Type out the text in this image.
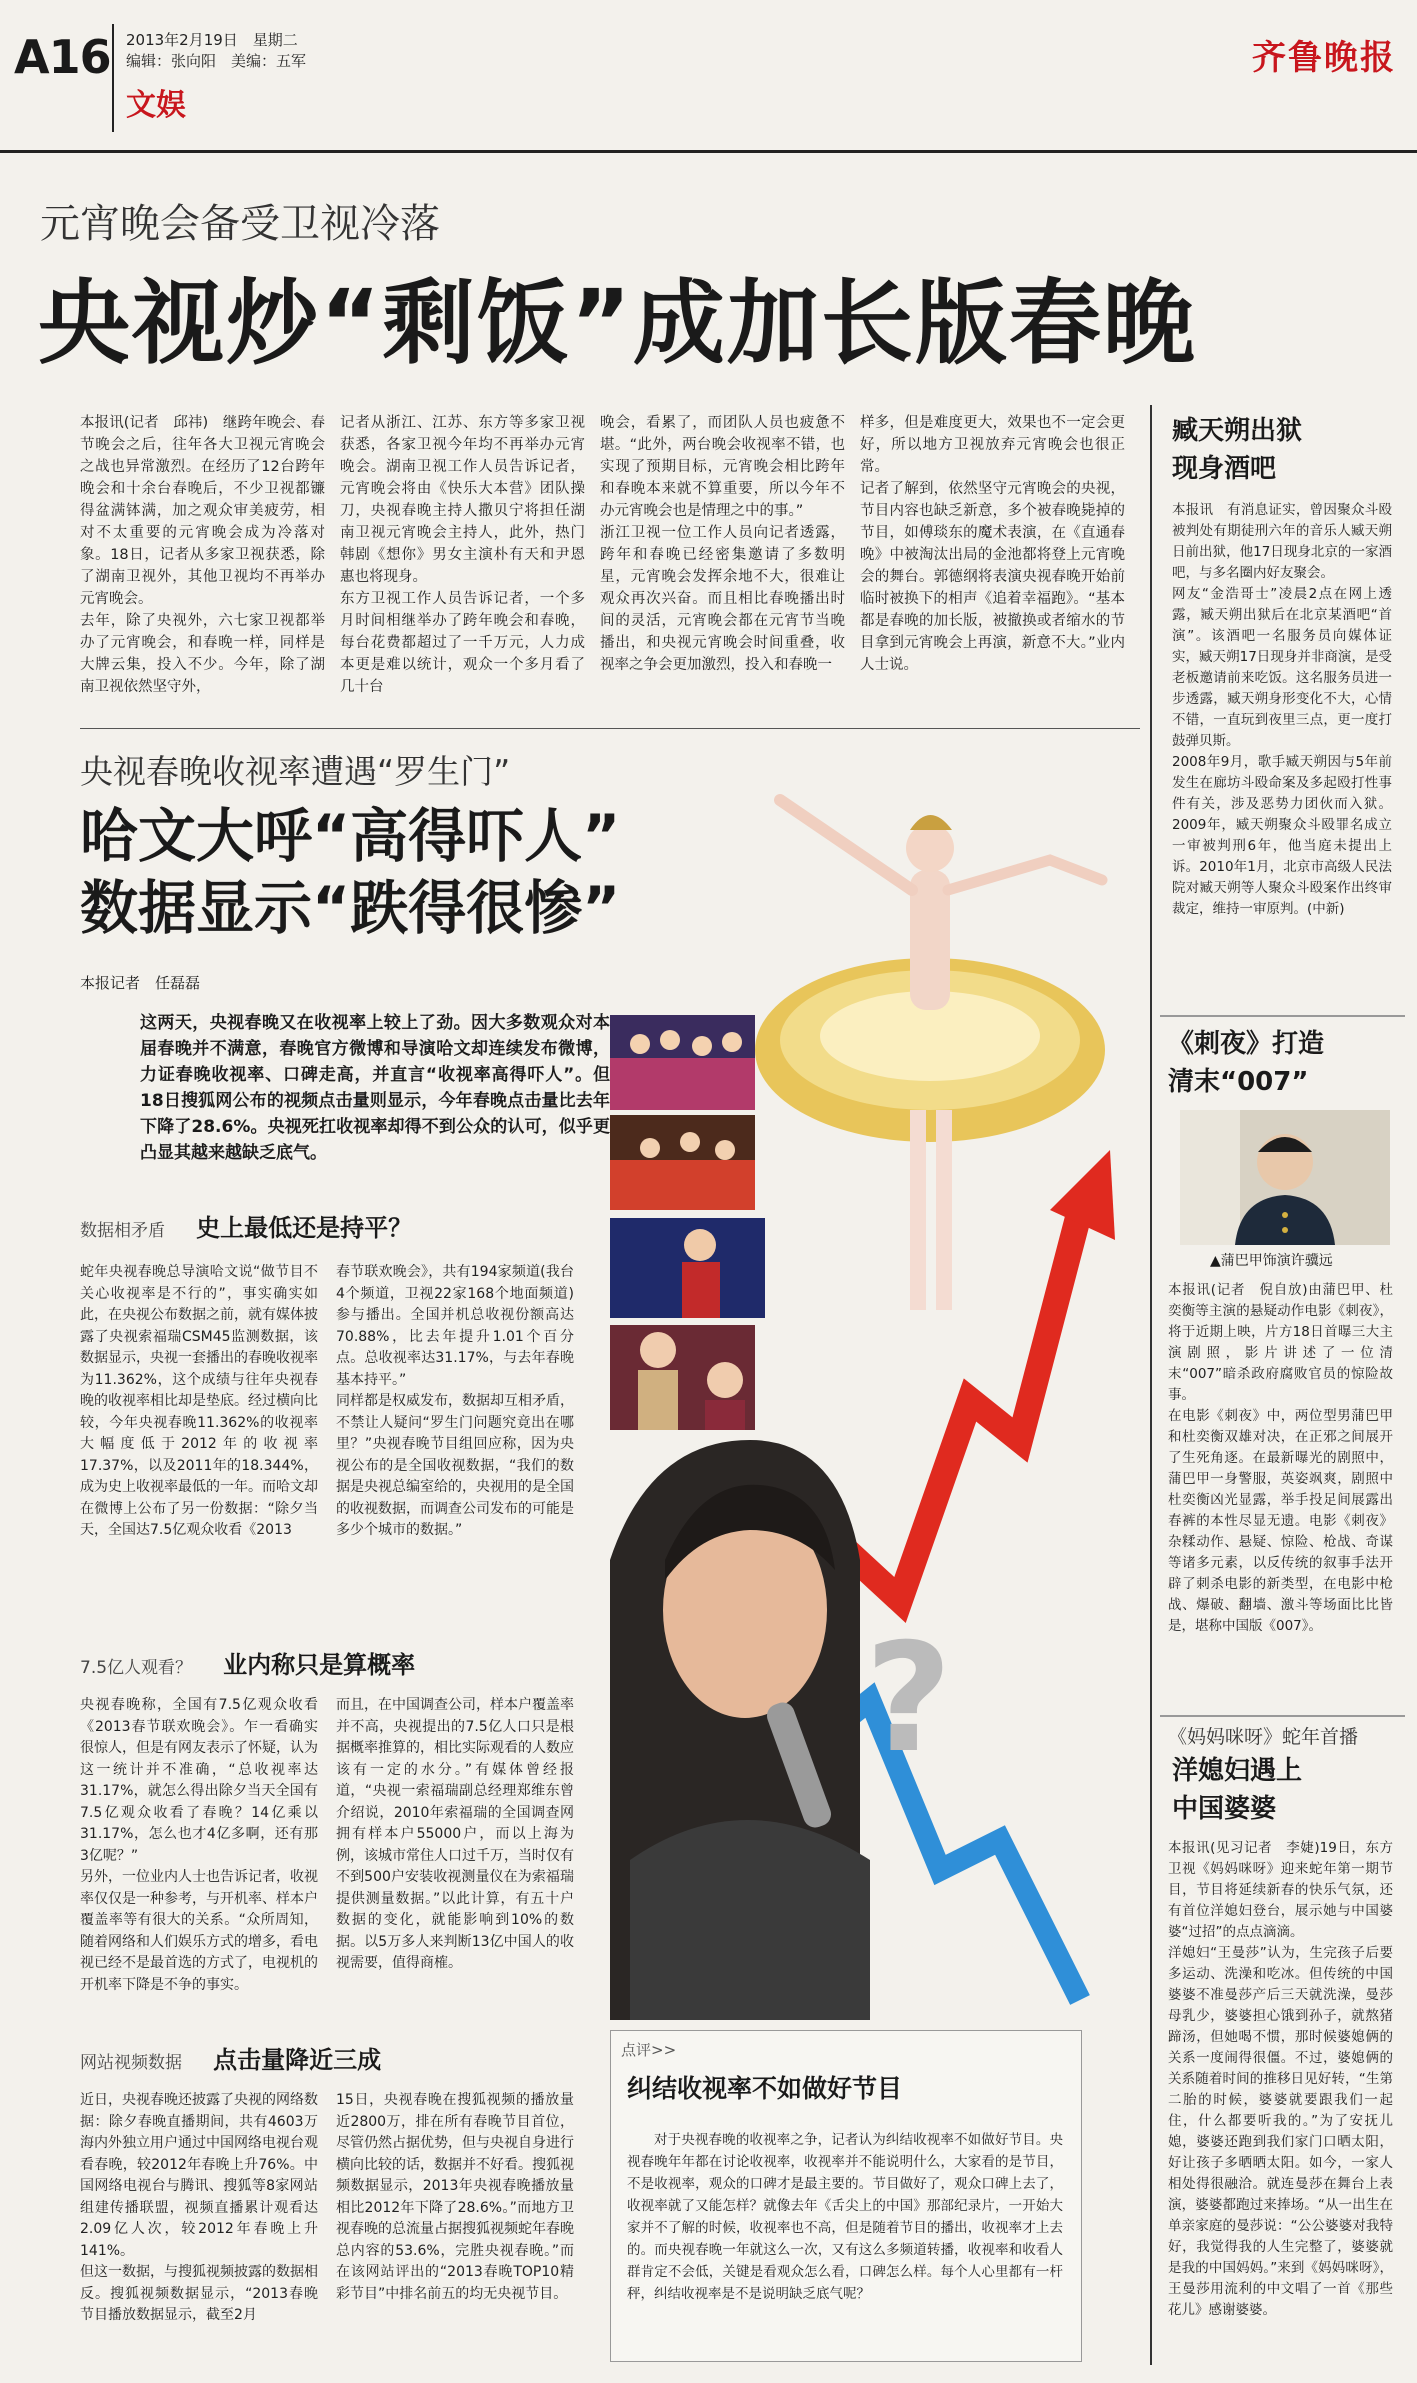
A16 2013年2月19日　星期二
编辑：张向阳　美编：五军
文娱
齐鲁晚报
元宵晚会备受卫视冷落
央视炒“剩饭”成加长版春晚
本报讯(记者　邱祎)　继跨年晚会、春节晚会之后，往年各大卫视元宵晚会之战也异常激烈。在经历了12台跨年晚会和十余台春晚后，不少卫视都镰得盆满钵满，加之观众审美疲劳，相对不太重要的元宵晚会成为冷落对象。18日，记者从多家卫视获悉，除了湖南卫视外，其他卫视均不再举办元宵晚会。
去年，除了央视外，六七家卫视都举办了元宵晚会，和春晚一样，同样是大牌云集，投入不少。今年，除了湖南卫视依然坚守外，
记者从浙江、江苏、东方等多家卫视获悉，各家卫视今年均不再举办元宵晚会。湖南卫视工作人员告诉记者，元宵晚会将由《快乐大本营》团队操刀，央视春晚主持人撒贝宁将担任湖南卫视元宵晚会主持人，此外，热门韩剧《想你》男女主演朴有天和尹恩惠也将现身。
东方卫视工作人员告诉记者，一个多月时间相继举办了跨年晚会和春晚，每台花费都超过了一千万元，人力成本更是难以统计，观众一个多月看了几十台
晚会，看累了，而团队人员也疲惫不堪。“此外，两台晚会收视率不错，也实现了预期目标，元宵晚会相比跨年和春晚本来就不算重要，所以今年不办元宵晚会也是情理之中的事。”
浙江卫视一位工作人员向记者透露，跨年和春晚已经密集邀请了多数明星，元宵晚会发挥余地不大，很难让观众再次兴奋。而且相比春晚播出时间的灵活，元宵晚会都在元宵节当晚播出，和央视元宵晚会时间重叠，收视率之争会更加激烈，投入和春晚一
样多，但是难度更大，效果也不一定会更好，所以地方卫视放弃元宵晚会也很正常。
记者了解到，依然坚守元宵晚会的央视，节目内容也缺乏新意，多个被春晚毙掉的节目，如傅琰东的魔术表演，在《直通春晚》中被淘汰出局的金池都将登上元宵晚会的舞台。郭德纲将表演央视春晚开始前临时被换下的相声《追着幸福跑》。“基本都是春晚的加长版，被撤换或者缩水的节目拿到元宵晚会上再演，新意不大。”业内人士说。
臧天朔出狱
现身酒吧
本报讯　有消息证实，曾因聚众斗殴被判处有期徒刑六年的音乐人臧天朔日前出狱，他17日现身北京的一家酒吧，与多名圈内好友聚会。
网友“金浩哥士”凌晨2点在网上透露，臧天朔出狱后在北京某酒吧“首演”。该酒吧一名服务员向媒体证实，臧天朔17日现身并非商演，是受老板邀请前来吃饭。这名服务员进一步透露，臧天朔身形变化不大，心情不错，一直玩到夜里三点，更一度打鼓弹贝斯。
2008年9月，歌手臧天朔因与5年前发生在廊坊斗殴命案及多起殴打性事件有关，涉及恶势力团伙而入狱。2009年，臧天朔聚众斗殴罪名成立一审被判刑6年，他当庭未提出上诉。2010年1月，北京市高级人民法院对臧天朔等人聚众斗殴案作出终审裁定，维持一审原判。(中新)
央视春晚收视率遭遇“罗生门”
哈文大呼“高得吓人”
数据显示“跌得很惨”
本报记者　任磊磊
这两天，央视春晚又在收视率上较上了劲。因大多数观众对本届春晚并不满意，春晚官方微博和导演哈文却连续发布微博，力证春晚收视率、口碑走高，并直言“收视率高得吓人”。但18日搜狐网公布的视频点击量则显示，今年春晚点击量比去年下降了28.6%。央视死扛收视率却得不到公众的认可，似乎更凸显其越来越缺乏底气。
数据相矛盾 史上最低还是持平？
蛇年央视春晚总导演哈文说“做节目不关心收视率是不行的”，事实确实如此，在央视公布数据之前，就有媒体披露了央视索福瑞CSM45监测数据，该数据显示，央视一套播出的春晚收视率为11.362%，这个成绩与往年央视春晚的收视率相比却是垫底。经过横向比较，今年央视春晚11.362%的收视率大幅度低于2012年的收视率17.37%，以及2011年的18.344%，成为史上收视率最低的一年。而哈文却在微博上公布了另一份数据：“除夕当天，全国达7.5亿观众收看《2013
春节联欢晚会》，共有194家频道(我台4个频道，卫视22家168个地面频道)参与播出。全国并机总收视份额高达70.88%，比去年提升1.01个百分点。总收视率达31.17%，与去年春晚基本持平。”
同样都是权威发布，数据却互相矛盾，不禁让人疑问“罗生门问题究竟出在哪里？”央视春晚节目组回应称，因为央视公布的是全国收视数据，“我们的数据是央视总编室给的，央视用的是全国的收视数据，而调查公司发布的可能是多少个城市的数据。”
7.5亿人观看？ 业内称只是算概率
央视春晚称，全国有7.5亿观众收看《2013春节联欢晚会》。乍一看确实很惊人，但是有网友表示了怀疑，认为这一统计并不准确，“总收视率达31.17%，就怎么得出除夕当天全国有7.5亿观众收看了春晚？14亿乘以31.17%，怎么也才4亿多啊，还有那3亿呢？”
另外，一位业内人士也告诉记者，收视率仅仅是一种参考，与开机率、样本户覆盖率等有很大的关系。“众所周知，随着网络和人们娱乐方式的增多，看电视已经不是最首选的方式了，电视机的开机率下降是不争的事实。
而且，在中国调查公司，样本户覆盖率并不高，央视提出的7.5亿人口只是根据概率推算的，相比实际观看的人数应该有一定的水分。”有媒体曾经报道，“央视一索福瑞副总经理郑维东曾介绍说，2010年索福瑞的全国调查网拥有样本户55000户，而以上海为例，该城市常住人口过千万，当时仅有不到500户安装收视测量仪在为索福瑞提供测量数据。”以此计算，有五十户数据的变化，就能影响到10%的数据。以5万多人来判断13亿中国人的收视需要，值得商榷。
网站视频数据 点击量降近三成
近日，央视春晚还披露了央视的网络数据：除夕春晚直播期间，共有4603万海内外独立用户通过中国网络电视台观看春晚，较2012年春晚上升76%。中国网络电视台与腾讯、搜狐等8家网站组建传播联盟，视频直播累计观看达2.09亿人次，较2012年春晚上升141%。
但这一数据，与搜狐视频披露的数据相反。搜狐视频数据显示，“2013春晚节目播放数据显示，截至2月
15日，央视春晚在搜狐视频的播放量近2800万，排在所有春晚节目首位，尽管仍然占据优势，但与央视自身进行横向比较的话，数据并不好看。搜狐视频数据显示，2013年央视春晚播放量相比2012年下降了28.6%。”而地方卫视春晚的总流量占据搜狐视频蛇年春晚总内容的53.6%，完胜央视春晚。”而在该网站评出的“2013春晚TOP10精彩节目”中排名前五的均无央视节目。
?
点评>>
纠结收视率不如做好节目
对于央视春晚的收视率之争，记者认为纠结收视率不如做好节目。央视春晚年年都在讨论收视率，收视率并不能说明什么，大家看的是节目，不是收视率，观众的口碑才是最主要的。节目做好了，观众口碑上去了，收视率就了又能怎样？就像去年《舌尖上的中国》那部纪录片，一开始大家并不了解的时候，收视率也不高，但是随着节目的播出，收视率才上去的。而央视春晚一年就这么一次，又有这么多频道转播，收视率和收看人群肯定不会低，关键是看观众怎么看，口碑怎么样。每个人心里都有一杆秤，纠结收视率是不是说明缺乏底气呢？
《刺夜》打造
清末“007”
▲蒲巴甲饰演许骥远
本报讯(记者　倪自放)由蒲巴甲、杜奕衡等主演的悬疑动作电影《刺夜》，将于近期上映，片方18日首曝三大主演剧照，影片讲述了一位清末“007”暗杀政府腐败官员的惊险故事。
在电影《刺夜》中，两位型男蒲巴甲和杜奕衡双雄对决，在正邪之间展开了生死角逐。在最新曝光的剧照中，蒲巴甲一身警服，英姿飒爽，剧照中杜奕衡凶光显露，举手投足间展露出春裤的本性尽显无遗。电影《刺夜》杂糅动作、悬疑、惊险、枪战、奇谋等诸多元素，以反传统的叙事手法开辟了刺杀电影的新类型，在电影中枪战、爆破、翻墙、激斗等场面比比皆是，堪称中国版《007》。
《妈妈咪呀》蛇年首播
洋媳妇遇上
中国婆婆
本报讯(见习记者　李婕)19日，东方卫视《妈妈咪呀》迎来蛇年第一期节目，节目将延续新春的快乐气氛，还有首位洋媳妇登台，展示她与中国婆婆“过招”的点点滴滴。
洋媳妇“王曼莎”认为，生完孩子后要多运动、洗澡和吃冰。但传统的中国婆婆不准曼莎产后三天就洗澡，曼莎母乳少，婆婆担心饿到孙子，就熬猪蹄汤，但她喝不惯，那时候婆媳俩的关系一度闹得很僵。不过，婆媳俩的关系随着时间的推移日见好转，“生第二胎的时候，婆婆就要跟我们一起住，什么都要听我的。”为了安抚儿媳，婆婆还跑到我们家门口晒太阳，好让孩子多晒晒太阳。如今，一家人相处得很融洽。就连曼莎在舞台上表演，婆婆都跑过来捧场。“从一出生在单亲家庭的曼莎说：“公公婆婆对我特好，我觉得我的人生完整了，婆婆就是我的中国妈妈。”来到《妈妈咪呀》，王曼莎用流利的中文唱了一首《那些花儿》感谢婆婆。
